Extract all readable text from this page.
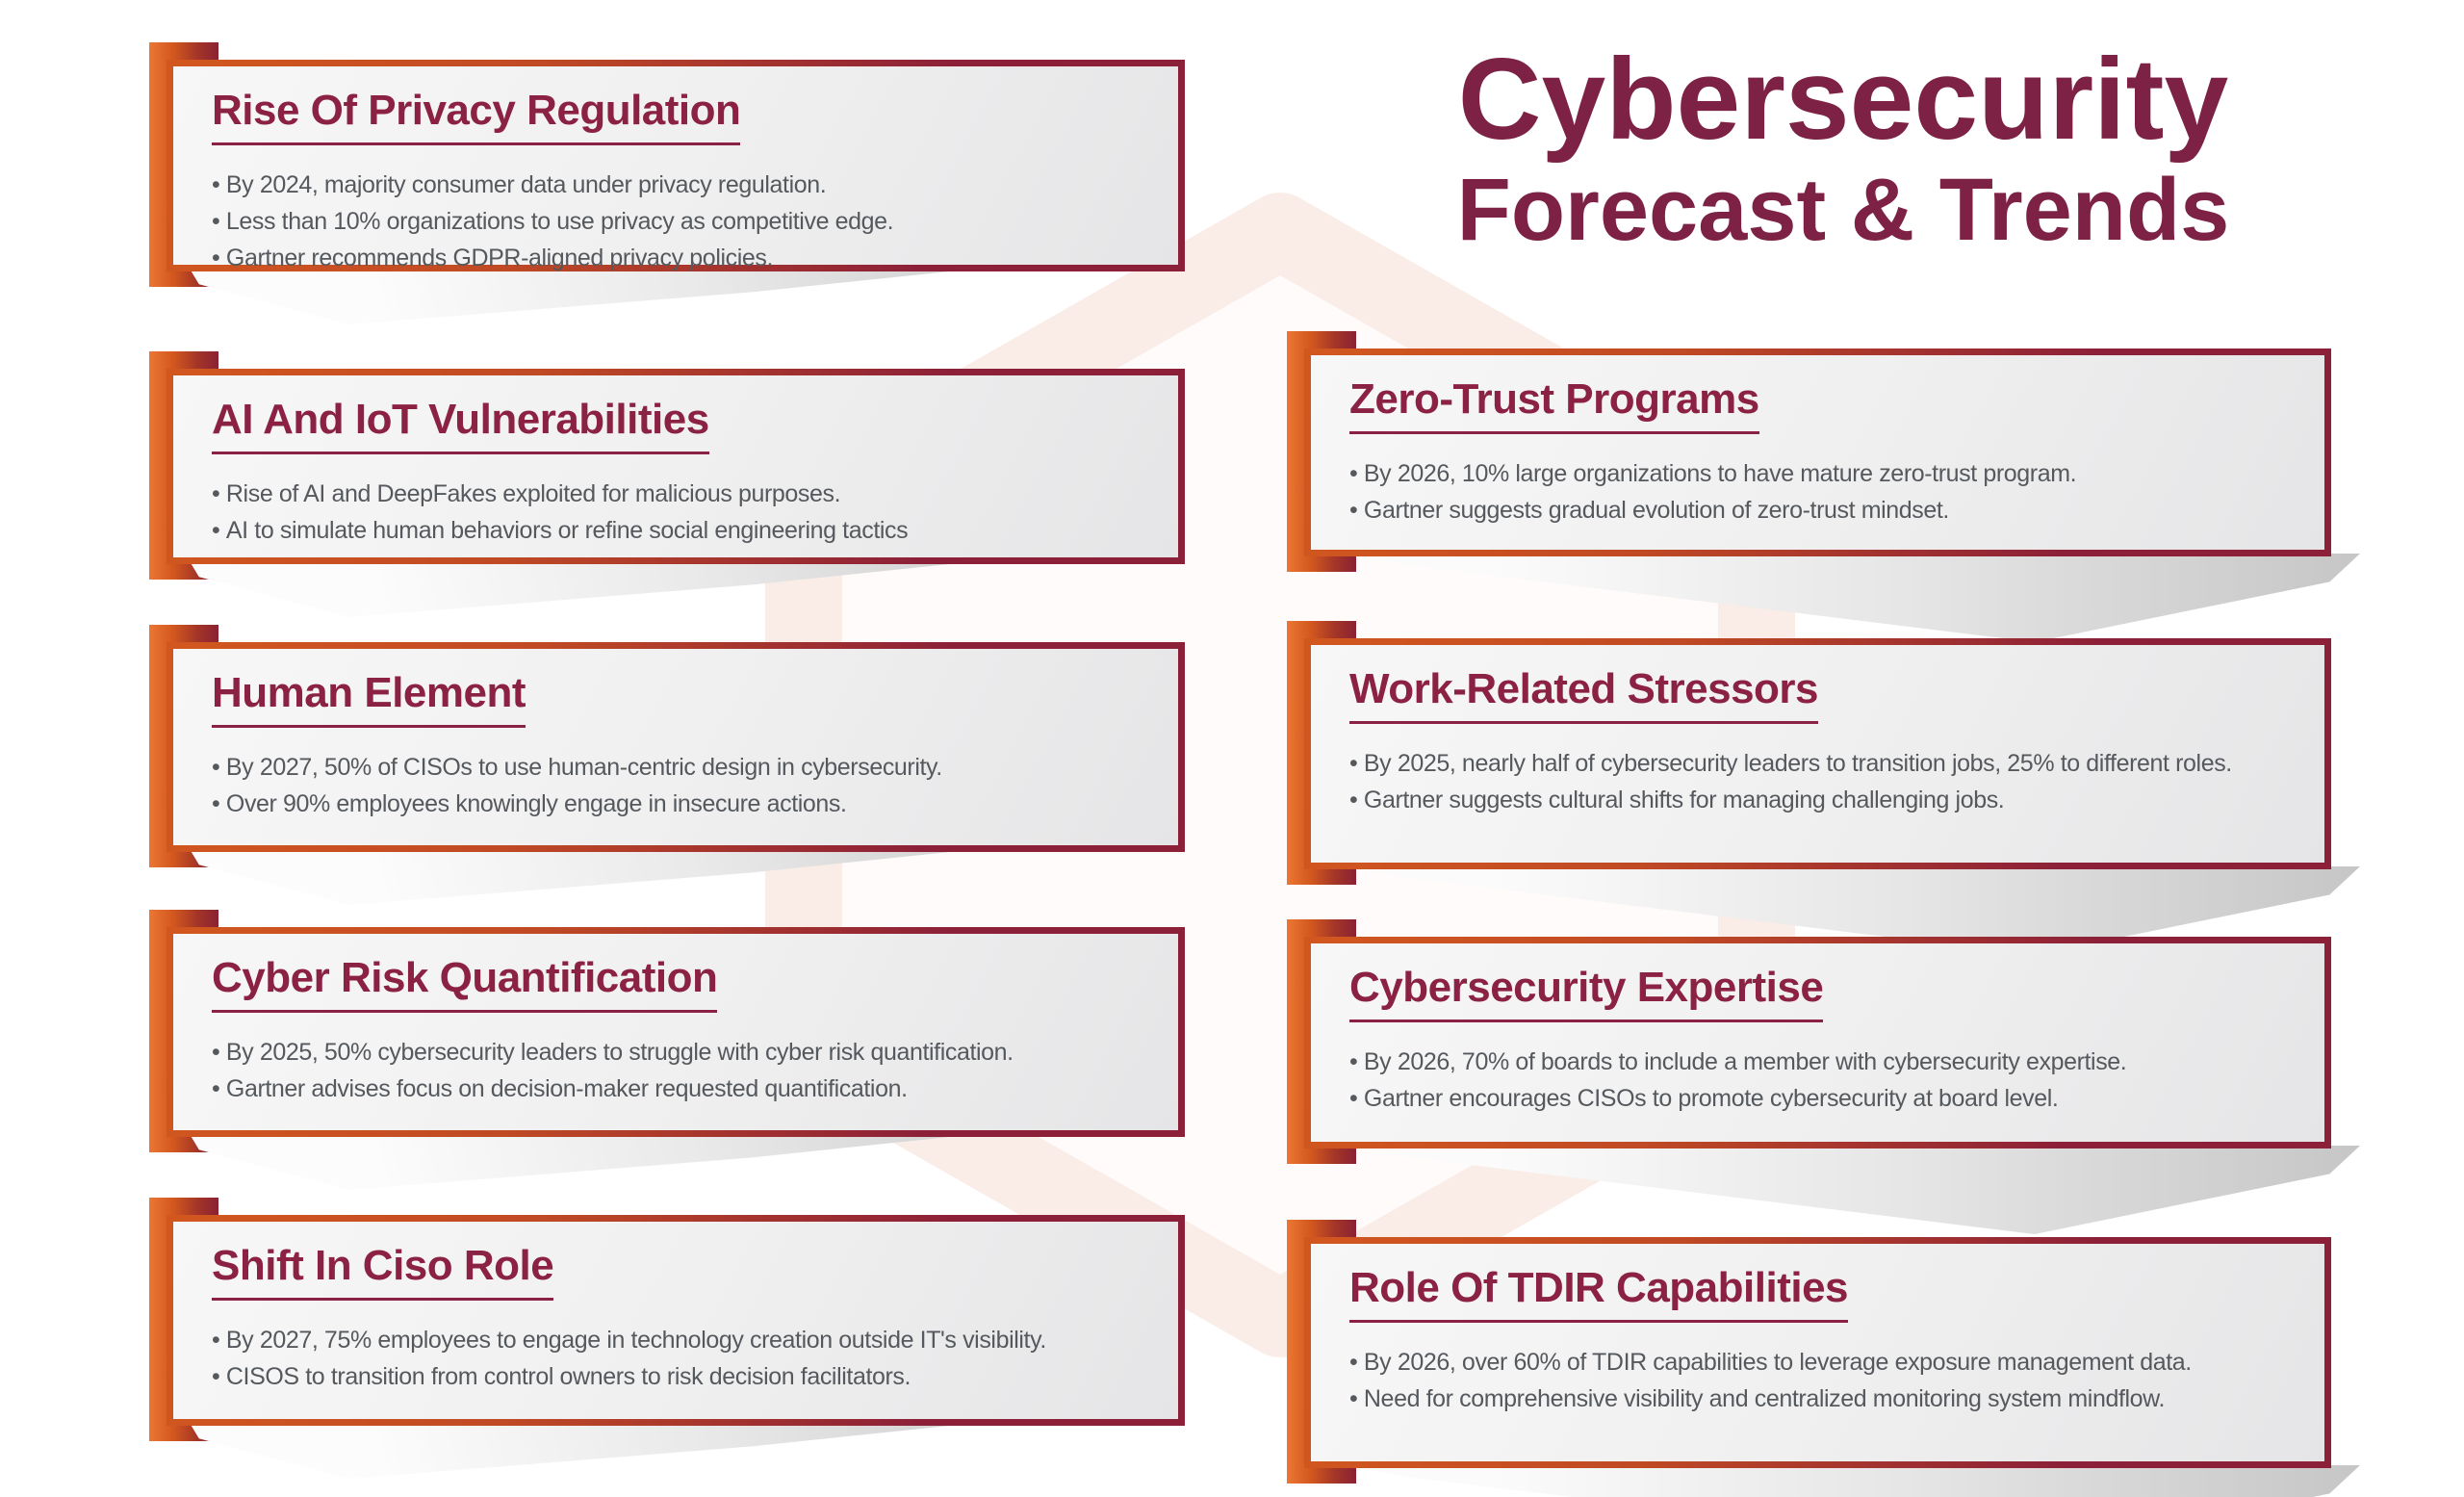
Cybersecurity
Forecast & Trends
Rise Of Privacy Regulation
• By 2024, majority consumer data under privacy regulation.
• Less than 10% organizations to use privacy as competitive edge.
• Gartner recommends GDPR-aligned privacy policies.
AI And IoT Vulnerabilities
• Rise of AI and DeepFakes exploited for malicious purposes.
• AI to simulate human behaviors or refine social engineering tactics
Human Element
• By 2027, 50% of CISOs to use human-centric design in cybersecurity.
• Over 90% employees knowingly engage in insecure actions.
Cyber Risk Quantification
• By 2025, 50% cybersecurity leaders to struggle with cyber risk quantification.
• Gartner advises focus on decision-maker requested quantification.
Shift In Ciso Role
• By 2027, 75% employees to engage in technology creation outside IT's visibility.
• CISOS to transition from control owners to risk decision facilitators.
Zero-Trust Programs
• By 2026, 10% large organizations to have mature zero-trust program.
• Gartner suggests gradual evolution of zero-trust mindset.
Work-Related Stressors
• By 2025, nearly half of cybersecurity leaders to transition jobs, 25% to different roles.
• Gartner suggests cultural shifts for managing challenging jobs.
Cybersecurity Expertise
• By 2026, 70% of boards to include a member with cybersecurity expertise.
• Gartner encourages CISOs to promote cybersecurity at board level.
Role Of TDIR Capabilities
• By 2026, over 60% of TDIR capabilities to leverage exposure management data.
• Need for comprehensive visibility and centralized monitoring system mindflow.
